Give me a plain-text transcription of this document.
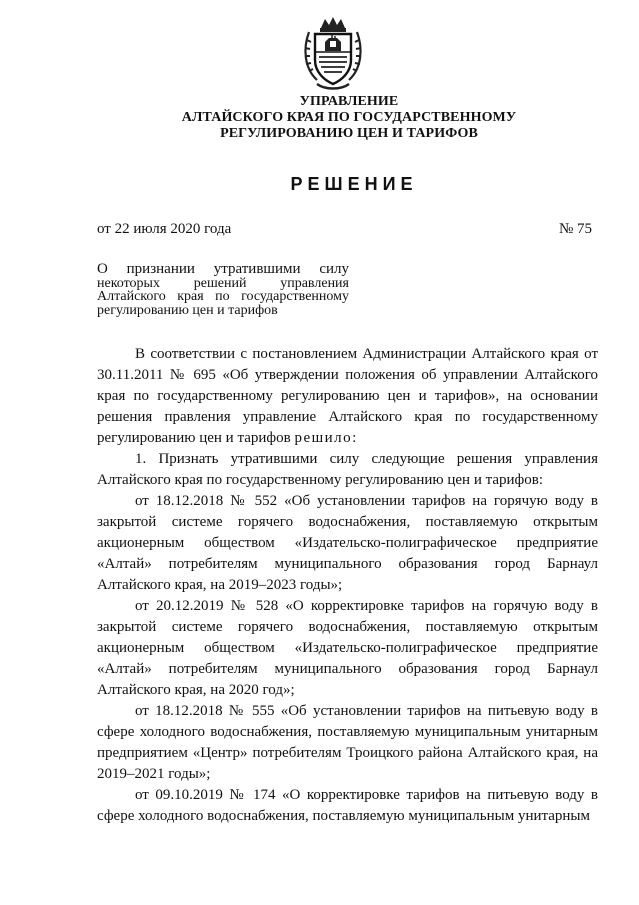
УПРАВЛЕНИЕ
АЛТАЙСКОГО КРАЯ ПО ГОСУДАРСТВЕННОМУ
РЕГУЛИРОВАНИЮ ЦЕН И ТАРИФОВ
РЕШЕНИЕ
от 22 июля 2020 года	№ 75
О признании утратившими силу
некоторых решений управления
Алтайского края по государственному
регулированию цен и тарифов

В соответствии с постановлением Администрации Алтайского края от 30.11.2011 № 695 «Об утверждении положения об управлении Алтайского края по государственному регулированию цен и тарифов», на основании решения правления управление Алтайского края по государственному регулированию цен и тарифов решило:

1. Признать утратившими силу следующие решения управления Алтайского края по государственному регулированию цен и тарифов:

от 18.12.2018 № 552 «Об установлении тарифов на горячую воду в закрытой системе горячего водоснабжения, поставляемую открытым акционерным обществом «Издательско-полиграфическое предприятие «Алтай» потребителям муниципального образования город Барнаул Алтайского края, на 2019–2023 годы»;

от 20.12.2019 № 528 «О корректировке тарифов на горячую воду в закрытой системе горячего водоснабжения, поставляемую открытым акционерным обществом «Издательско-полиграфическое предприятие «Алтай» потребителям муниципального образования город Барнаул Алтайского края, на 2020 год»;

от 18.12.2018 № 555 «Об установлении тарифов на питьевую воду в сфере холодного водоснабжения, поставляемую муниципальным унитарным предприятием «Центр» потребителям Троицкого района Алтайского края, на 2019–2021 годы»;

от 09.10.2019 № 174 «О корректировке тарифов на питьевую воду в сфере холодного водоснабжения, поставляемую муниципальным унитарным
